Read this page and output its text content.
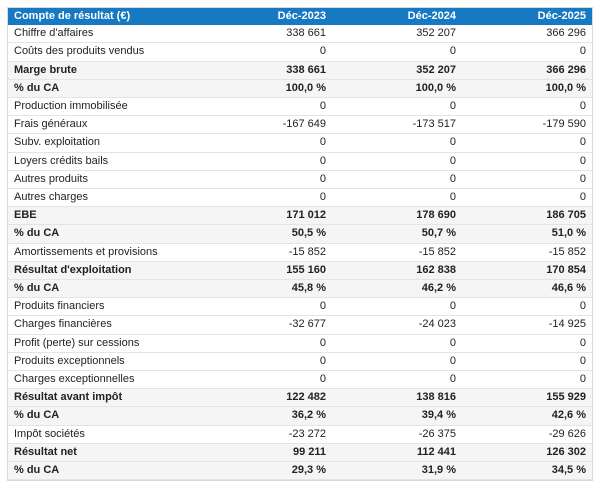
Compte de résultat (€)	Déc-2023	Déc-2024	Déc-2025
Chiffre d'affaires	338 661	352 207	366 296
Coûts des produits vendus	0	0	0
Marge brute	338 661	352 207	366 296
% du CA	100,0 %	100,0 %	100,0 %
Production immobilisée	0	0	0
Frais généraux	-167 649	-173 517	-179 590
Subv. exploitation	0	0	0
Loyers crédits bails	0	0	0
Autres produits	0	0	0
Autres charges	0	0	0
EBE	171 012	178 690	186 705
% du CA	50,5 %	50,7 %	51,0 %
Amortissements et provisions	-15 852	-15 852	-15 852
Résultat d'exploitation	155 160	162 838	170 854
% du CA	45,8 %	46,2 %	46,6 %
Produits financiers	0	0	0
Charges financières	-32 677	-24 023	-14 925
Profit (perte) sur cessions	0	0	0
Produits exceptionnels	0	0	0
Charges exceptionnelles	0	0	0
Résultat avant impôt	122 482	138 816	155 929
% du CA	36,2 %	39,4 %	42,6 %
Impôt sociétés	-23 272	-26 375	-29 626
Résultat net	99 211	112 441	126 302
% du CA	29,3 %	31,9 %	34,5 %
